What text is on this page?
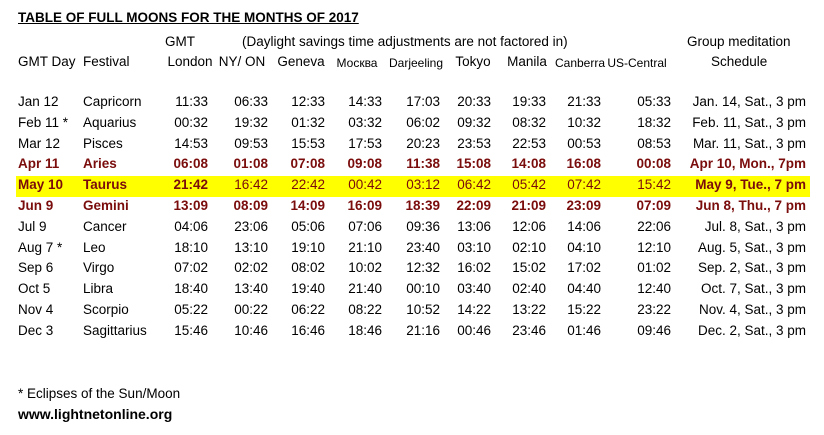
TABLE OF FULL MOONS FOR THE MONTHS OF 2017
GMT	(Daylight savings time adjustments are not factored in)	Group meditation
GMT Day Festival	London NY/ ON Geneva Москва Darjeeling Tokyo Manila Canberra US-Central	Schedule
Jan 12 Capricorn 11:33 06:33 12:33 14:33 17:03 20:33 19:33 21:33	05:33 Jan. 14, Sat., 3 pm
Feb 11 * Aquarius	00:32 19:32 01:32 03:32 06:02 09:32 08:32 10:32	18:32 Feb. 11, Sat., 3 pm
Mar 12 Pisces	14:53 09:53 15:53 17:53 20:23 23:53 22:53 00:53	08:53 Mar. 11, Sat., 3 pm
Apr 11 Aries	06:08 01:08 07:08 09:08 11:38 15:08 14:08 16:08	00:08 Apr 10, Mon., 7pm
May 10 Taurus	21:42 16:42 22:42 00:42 03:12 06:42 05:42 07:42	15:42 May 9, Tue., 7 pm
Jun 9 Gemini	13:09 08:09 14:09 16:09 18:39 22:09 21:09 23:09	07:09 Jun 8, Thu., 7 pm
Jul 9	Cancer	04:06 23:06 05:06 07:06 09:36 13:06 12:06 14:06	22:06 Jul. 8, Sat., 3 pm
Aug 7 * Leo	18:10 13:10 19:10 21:10 23:40 03:10 02:10 04:10	12:10 Aug. 5, Sat., 3 pm
Sep 6 Virgo	07:02 02:02 08:02 10:02 12:32 16:02 15:02 17:02	01:02 Sep. 2, Sat., 3 pm
Oct 5 Libra	18:40 13:40 19:40 21:40 00:10 03:40 02:40 04:40	12:40 Oct. 7, Sat., 3 pm
Nov 4 Scorpio	05:22 00:22 06:22 08:22 10:52 14:22 13:22 15:22	23:22 Nov. 4, Sat., 3 pm
Dec 3 Sagittarius 15:46 10:46 16:46 18:46 21:16 00:46 23:46 01:46	09:46 Dec. 2, Sat., 3 pm
* Eclipses of the Sun/Moon
www.lightnetonline.org
